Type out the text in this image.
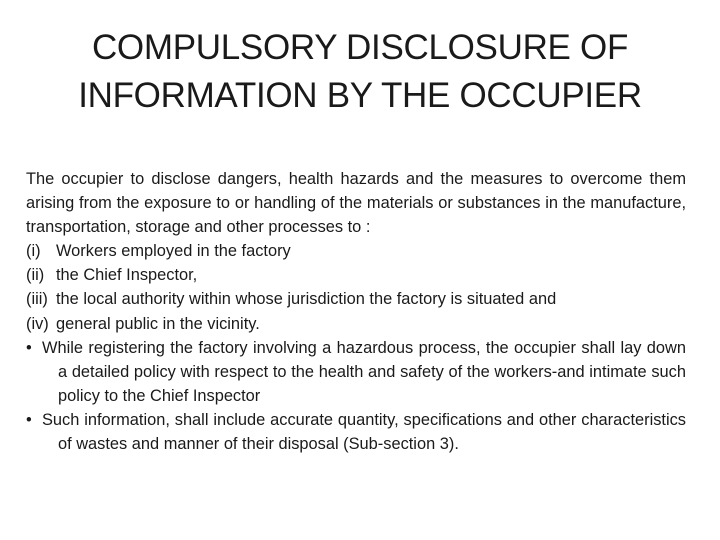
COMPULSORY DISCLOSURE OF
INFORMATION BY THE OCCUPIER

The occupier to disclose dangers, health hazards and the measures to overcome them arising from the exposure to or handling of the materials or substances in the manufacture, transportation, storage and other processes to :

(i) Workers employed in the factory

(ii) the Chief Inspector,

(iii) the local authority within whose jurisdiction the factory is situated and

(iv) general public in the vicinity.

• While registering the factory involving a hazardous process, the occupier shall lay down a detailed policy with respect to the health and safety of the workers-and intimate such policy to the Chief Inspector

• Such information, shall include accurate quantity, specifications and other characteristics of wastes and manner of their disposal (Sub-section 3).
